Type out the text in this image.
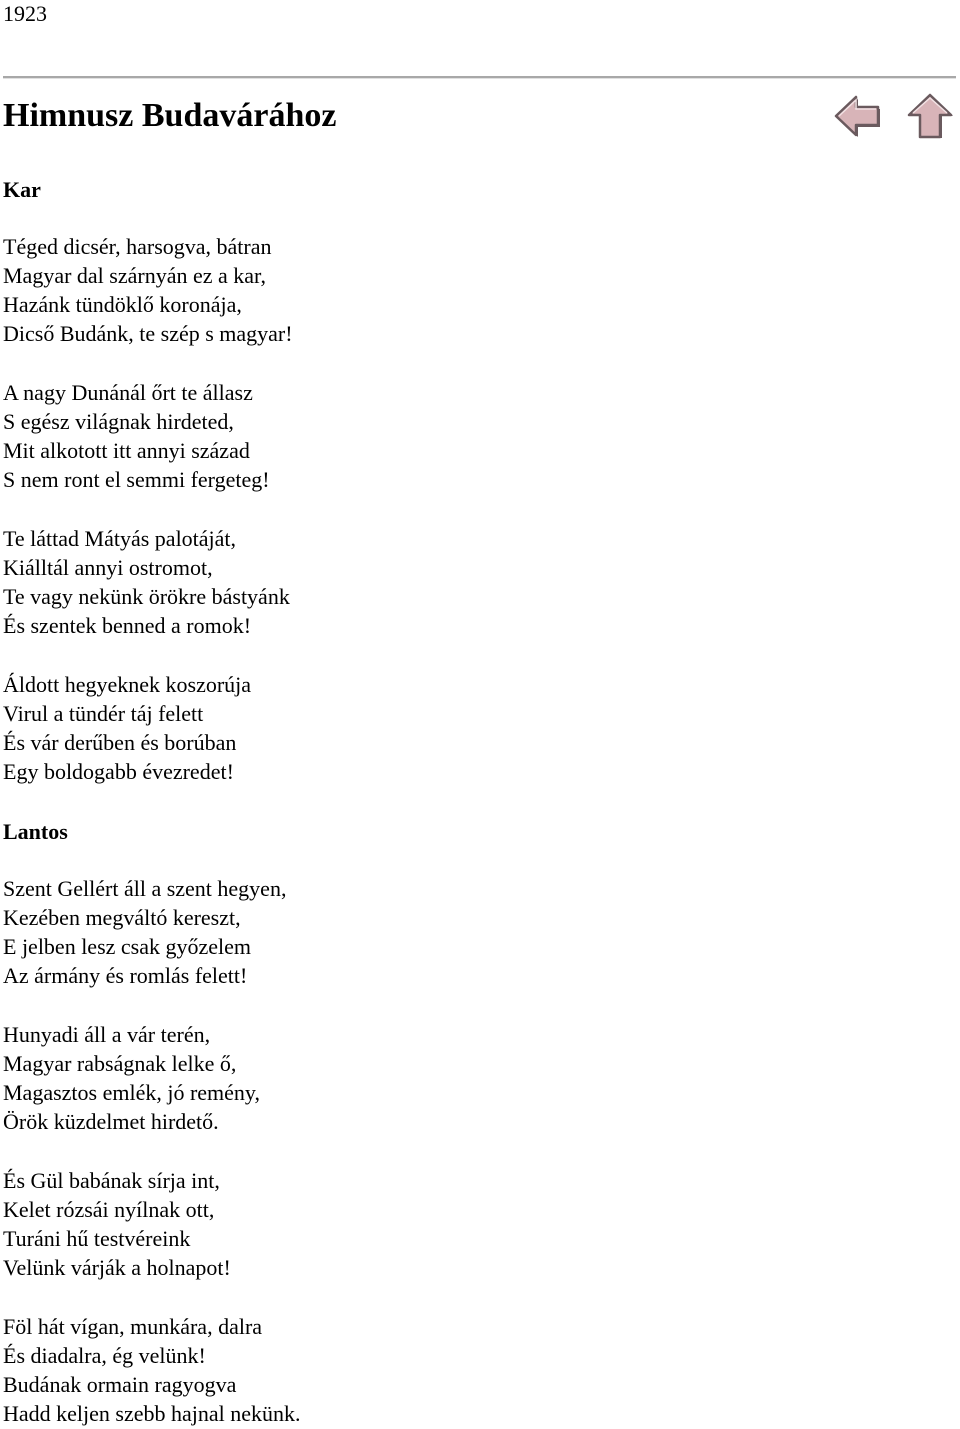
1923
Himnusz Budavárához
Kar
Téged dicsér, harsogva, bátran
Magyar dal szárnyán ez a kar,
Hazánk tündöklő koronája,
Dicső Budánk, te szép s magyar!
A nagy Dunánál őrt te állasz
S egész világnak hirdeted,
Mit alkotott itt annyi század
S nem ront el semmi fergeteg!
Te láttad Mátyás palotáját,
Kiálltál annyi ostromot,
Te vagy nekünk örökre bástyánk
És szentek benned a romok!
Áldott hegyeknek koszorúja
Virul a tündér táj felett
És vár derűben és borúban
Egy boldogabb évezredet!
Lantos
Szent Gellért áll a szent hegyen,
Kezében megváltó kereszt,
E jelben lesz csak győzelem
Az ármány és romlás felett!
Hunyadi áll a vár terén,
Magyar rabságnak lelke ő,
Magasztos emlék, jó remény,
Örök küzdelmet hirdető.
És Gül babának sírja int,
Kelet rózsái nyílnak ott,
Turáni hű testvéreink
Velünk várják a holnapot!
Föl hát vígan, munkára, dalra
És diadalra, ég velünk!
Budának ormain ragyogva
Hadd keljen szebb hajnal nekünk.
